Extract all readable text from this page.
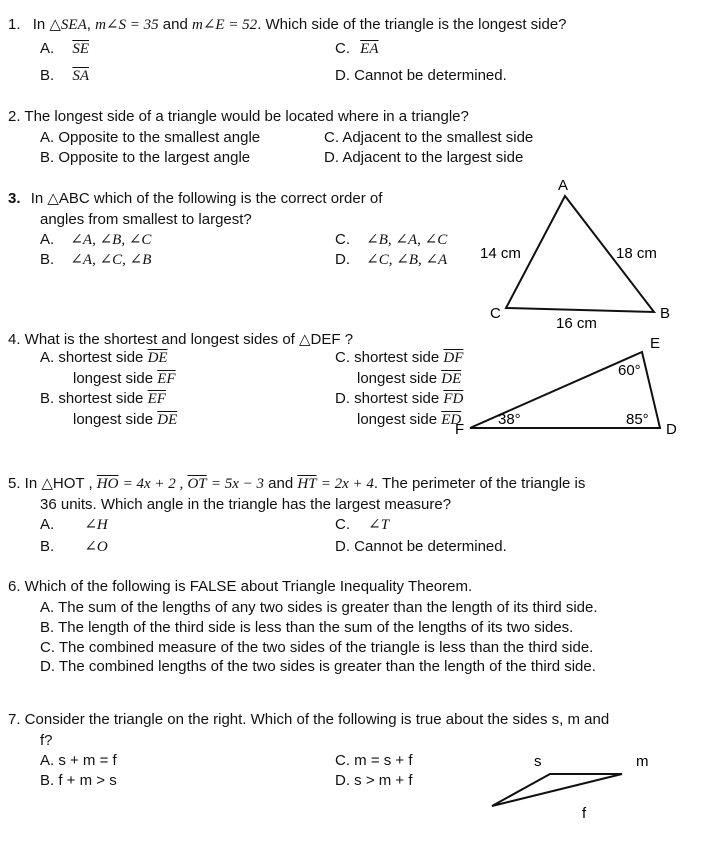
1. In △SEA, m∠S = 35 and m∠E = 52. Which side of the triangle is the longest side?
A. $\overline{SE}$	C. $\overline{EA}$
B. $\overline{SA}$	D. Cannot be determined.
2. The longest side of a triangle would be located where in a triangle?
A. Opposite to the smallest angle	C. Adjacent to the smallest side
B. Opposite to the largest angle	D. Adjacent to the largest side
3. In △ABC which of the following is the correct order of
angles from smallest to largest?
A. ∠A, ∠B, ∠C	C. ∠B, ∠A, ∠C
B. ∠A, ∠C, ∠B	D. ∠C, ∠B, ∠A
4. What is the shortest and longest sides of △DEF ?
A. shortest side $\overline{DE}$
longest side $\overline{EF}$
B. shortest side $\overline{EF}$
longest side $\overline{DE}$
C. shortest side $\overline{DF}$
longest side $\overline{DE}$
D. shortest side $\overline{FD}$
longest side $\overline{ED}$
5. In △HOT , $\overline{HO} = 4x + 2$ , $\overline{OT} = 5x - 3$ and $\overline{HT} = 2x + 4$. The perimeter of the triangle is
36 units. Which angle in the triangle has the largest measure?
A. ∠H	C. ∠T
B. ∠O	D. Cannot be determined.
6. Which of the following is FALSE about Triangle Inequality Theorem.
A. The sum of the lengths of any two sides is greater than the length of its third side.
B. The length of the third side is less than the sum of the lengths of its two sides.
C. The combined measure of the two sides of the triangle is less than the third side.
D. The combined lengths of the two sides is greater than the length of the third side.
7. Consider the triangle on the right. Which of the following is true about the sides s, m and
f?
A. s + m = f	C. m = s + f
B. f + m > s	D. s > m + f
A
C	B
14 cm	18 cm
16 cm
E
F	D
60°
38°	85°
s	m
f
